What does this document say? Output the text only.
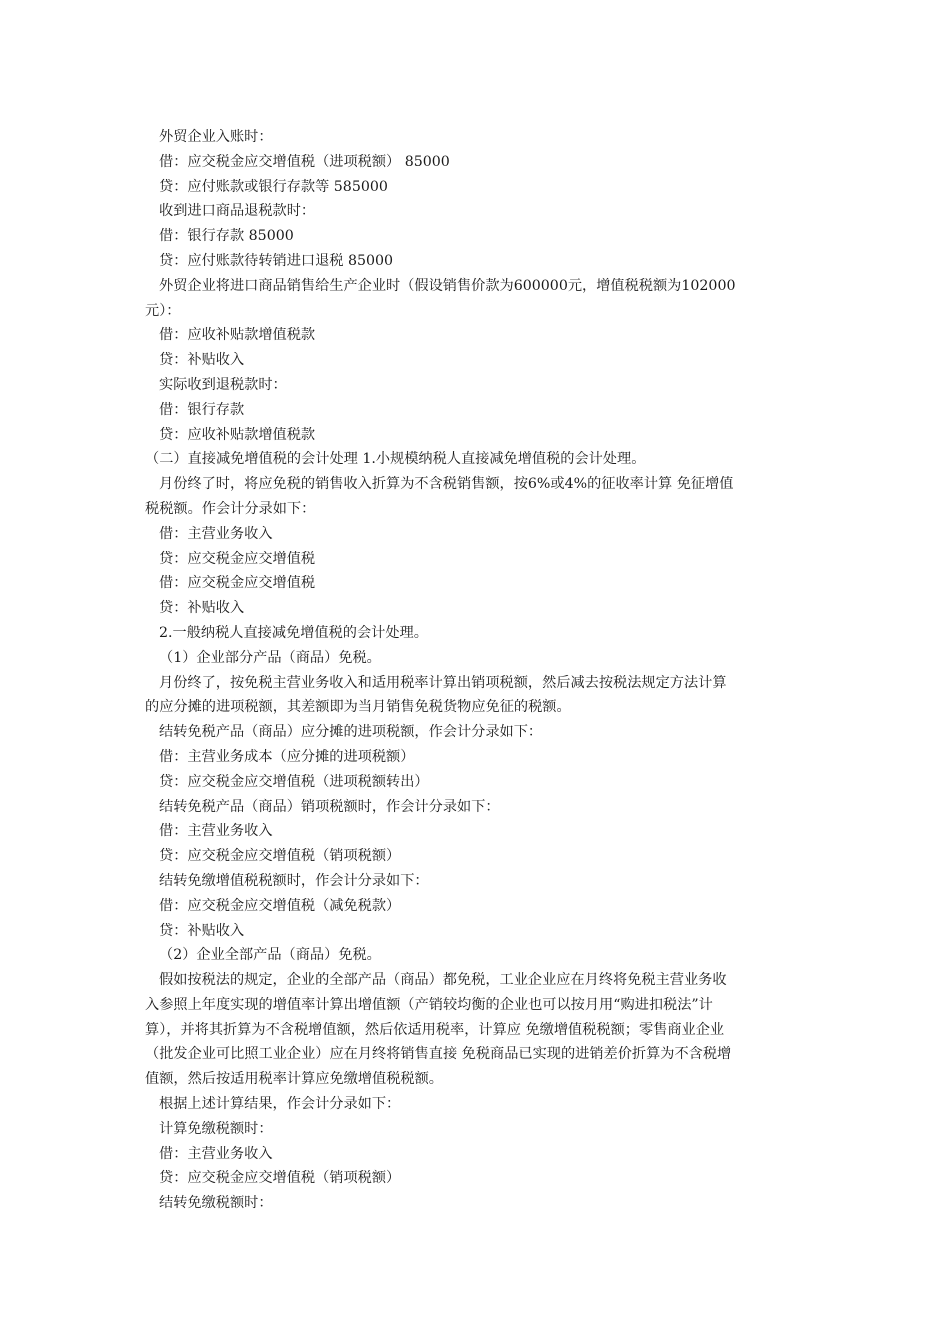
外贸企业入账时：
借：应交税金应交增值税（进项税额） 85000
贷：应付账款或银行存款等 585000
收到进口商品退税款时：
借：银行存款 85000
贷：应付账款待转销进口退税 85000
外贸企业将进口商品销售给生产企业时（假设销售价款为600000元，增值税税额为102000
元）：
借：应收补贴款增值税款
贷：补贴收入
实际收到退税款时：
借：银行存款
贷：应收补贴款增值税款
（二）直接减免增值税的会计处理 1.小规模纳税人直接减免增值税的会计处理。
月份终了时，将应免税的销售收入折算为不含税销售额，按6%或4%的征收率计算 免征增值
税税额。作会计分录如下：
借：主营业务收入
贷：应交税金应交增值税
借：应交税金应交增值税
贷：补贴收入
2.一般纳税人直接减免增值税的会计处理。
（1）企业部分产品（商品）免税。
月份终了，按免税主营业务收入和适用税率计算出销项税额，然后减去按税法规定方法计算
的应分摊的进项税额，其差额即为当月销售免税货物应免征的税额。
结转免税产品（商品）应分摊的进项税额，作会计分录如下：
借：主营业务成本（应分摊的进项税额）
贷：应交税金应交增值税（进项税额转出）
结转免税产品（商品）销项税额时，作会计分录如下：
借：主营业务收入
贷：应交税金应交增值税（销项税额）
结转免缴增值税税额时，作会计分录如下：
借：应交税金应交增值税（减免税款）
贷：补贴收入
（2）企业全部产品（商品）免税。
假如按税法的规定，企业的全部产品（商品）都免税，工业企业应在月终将免税主营业务收
入参照上年度实现的增值率计算出增值额（产销较均衡的企业也可以按月用“购进扣税法”计
算），并将其折算为不含税增值额，然后依适用税率，计算应 免缴增值税税额；零售商业企业
（批发企业可比照工业企业）应在月终将销售直接 免税商品已实现的进销差价折算为不含税增
值额，然后按适用税率计算应免缴增值税税额。
根据上述计算结果，作会计分录如下：
计算免缴税额时：
借：主营业务收入
贷：应交税金应交增值税（销项税额）
结转免缴税额时：
